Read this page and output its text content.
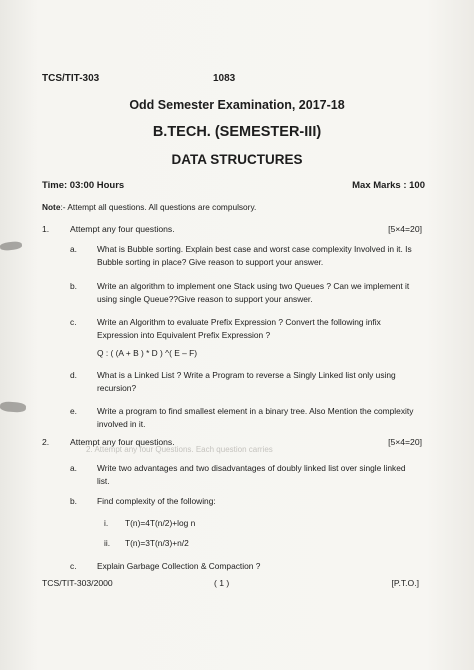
2. Attempt any four Questions. Each question carries
TCS/TIT-303	1083
Odd Semester Examination, 2017-18
B.TECH. (SEMESTER-III)
DATA STRUCTURES
Time: 03:00 Hours	Max Marks : 100
Note:- Attempt all questions. All questions are compulsory.
1. Attempt any four questions.	[5×4=20]
a. What is Bubble sorting. Explain best case and worst case complexity Involved in it. Is Bubble sorting in place? Give reason to support your answer.
b. Write an algorithm to implement one Stack using two Queues ? Can we implement it using single Queue??Give reason to support your answer.
c. Write an Algorithm to evaluate Prefix Expression ? Convert the following infix Expression into Equivalent Prefix Expression ?
Q : ( (A + B ) * D ) ^( E – F)
d. What is a Linked List ? Write a Program to reverse a Singly Linked list only using recursion?
e. Write a program to find smallest element in a binary tree. Also Mention the complexity involved in it.
2. Attempt any four questions.	[5×4=20]
a. Write two advantages and two disadvantages of doubly linked list over single linked list.
b. Find complexity of the following:
i. T(n)=4T(n/2)+log n
ii. T(n)=3T(n/3)+n/2
c. Explain Garbage Collection & Compaction ?
TCS/TIT-303/2000	( 1 )	[P.T.O.]
